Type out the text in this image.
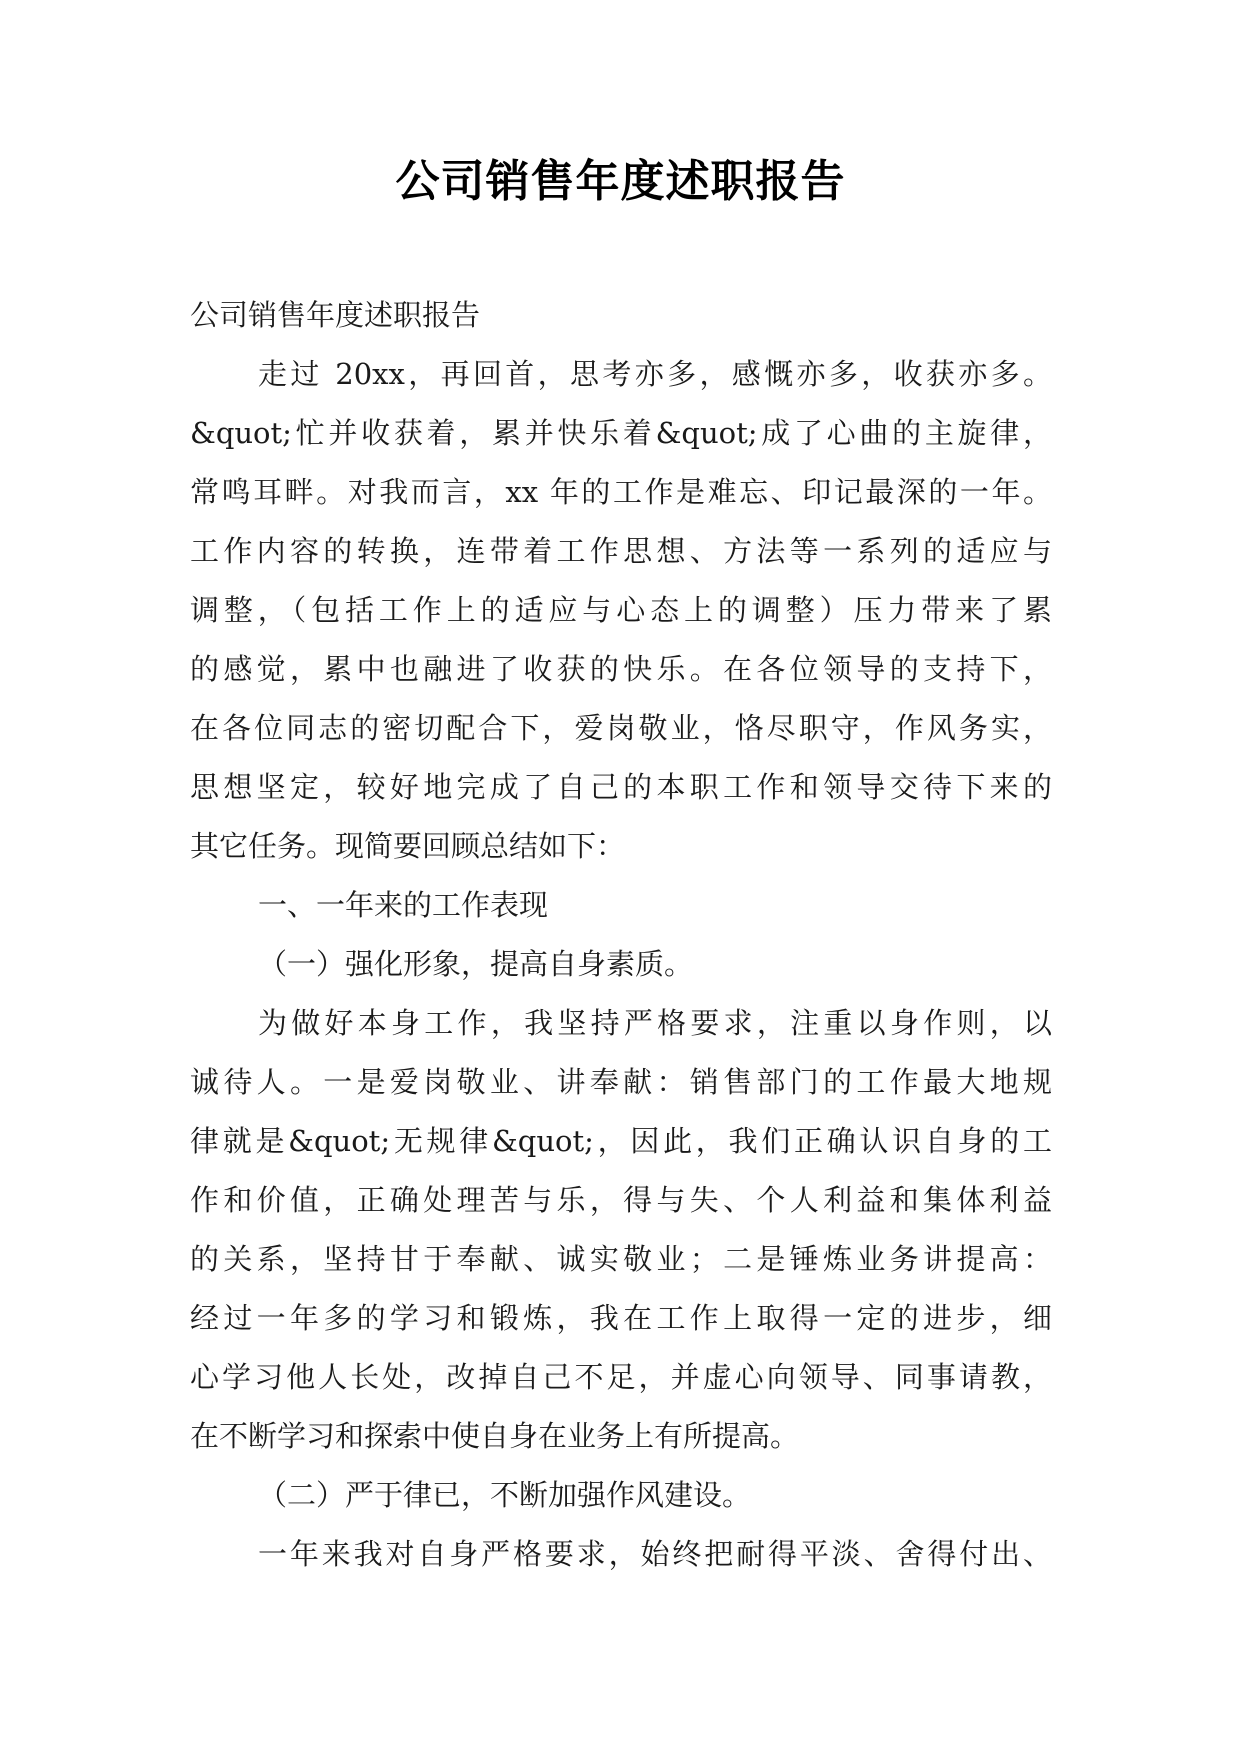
公司销售年度述职报告
公司销售年度述职报告
走过 20xx，再回首，思考亦多，感慨亦多，收获亦多。
&quot;忙并收获着，累并快乐着&quot;成了心曲的主旋律，
常鸣耳畔。对我而言，xx 年的工作是难忘、印记最深的一年。
工作内容的转换，连带着工作思想、方法等一系列的适应与
调整，（包括工作上的适应与心态上的调整）压力带来了累
的感觉，累中也融进了收获的快乐。在各位领导的支持下，
在各位同志的密切配合下，爱岗敬业，恪尽职守，作风务实，
思想坚定，较好地完成了自己的本职工作和领导交待下来的
其它任务。现简要回顾总结如下：
一、一年来的工作表现
（一）强化形象，提高自身素质。
为做好本身工作，我坚持严格要求，注重以身作则，以
诚待人。一是爱岗敬业、讲奉献：销售部门的工作最大地规
律就是&quot;无规律&quot;，因此，我们正确认识自身的工
作和价值，正确处理苦与乐，得与失、个人利益和集体利益
的关系，坚持甘于奉献、诚实敬业；二是锤炼业务讲提高：
经过一年多的学习和锻炼，我在工作上取得一定的进步，细
心学习他人长处，改掉自己不足，并虚心向领导、同事请教，
在不断学习和探索中使自身在业务上有所提高。
（二）严于律已，不断加强作风建设。
一年来我对自身严格要求，始终把耐得平淡、舍得付出、
